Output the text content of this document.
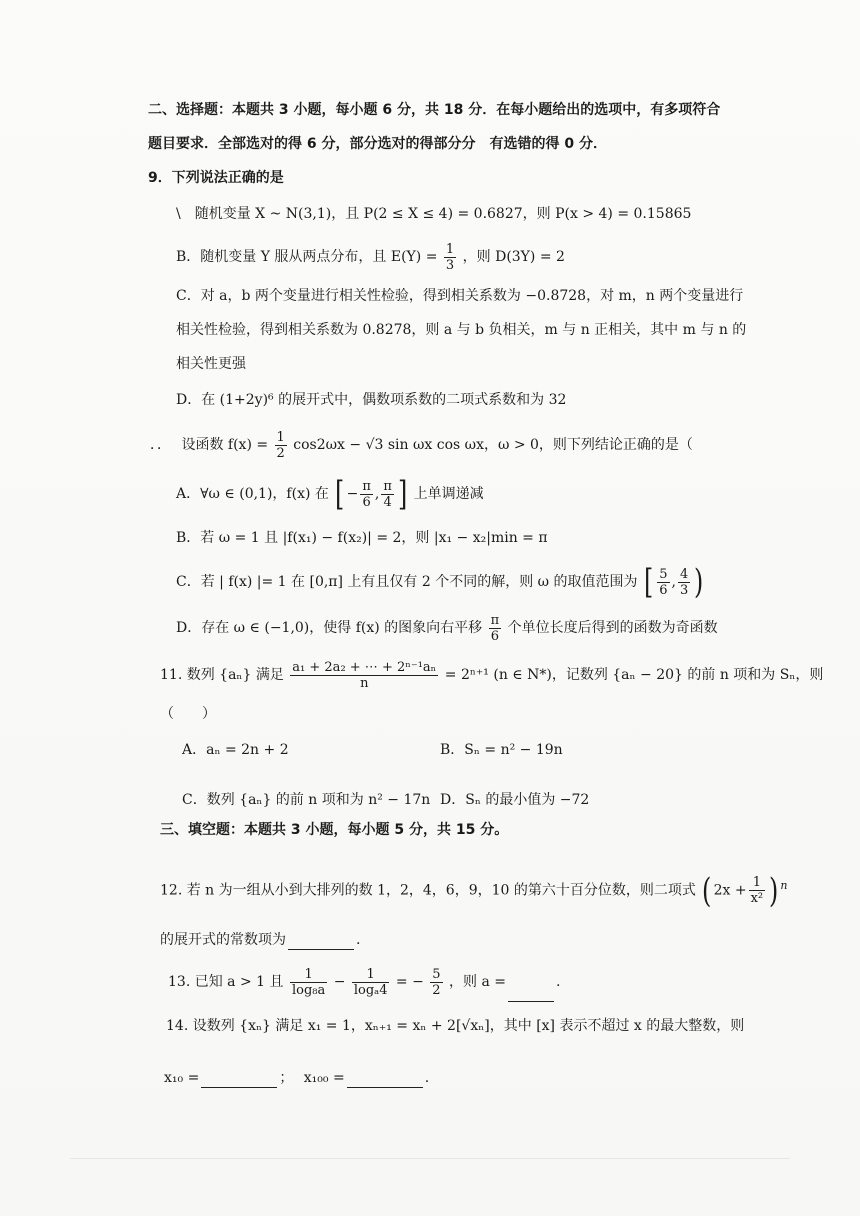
二、选择题：本题共 3 小题，每小题 6 分，共 18 分．在每小题给出的选项中，有多项符合
题目要求．全部选对的得 6 分，部分选对的得部分分　有选错的得 0 分．
9．下列说法正确的是
\ 随机变量 X ~ N(3,1)，且 P(2 ≤ X ≤ 4) = 0.6827，则 P(x > 4) = 0.15865
B．随机变量 Y 服从两点分布，且 $E(Y) = \frac{1}{3}$ ，则 D(3Y) = 2
C．对 a，b 两个变量进行相关性检验，得到相关系数为 −0.8728，对 m，n 两个变量进行
相关性检验，得到相关系数为 0.8278，则 a 与 b 负相关，m 与 n 正相关，其中 m 与 n 的
相关性更强
D．在 (1+2y)⁶ 的展开式中，偶数项系数的二项式系数和为 32
．． 设函数 $f(x) = \frac{1}{2} \cos 2\omega x - √3$ sin ωx cos ωx，ω > 0，则下列结论正确的是（
A．∀ω ∈ (0,1)，f(x) 在 [ − $\frac{\pi}{6}$ , $\frac{\pi}{4}$ ] 上单调递减
B．若 ω = 1 且 |f(x₁) − f(x₂)| = 2，则 |x₁ − x₂|min = π
C．若 | f(x) |= 1 在 [0,π] 上有且仅有 2 个不同的解，则 ω 的取值范围为 [ $\frac{5}{6}$ , $\frac{4}{3}$ )
D．存在 ω ∈ (−1,0)，使得 f(x) 的图象向右平移 $\frac{\pi}{6}$ 个单位长度后得到的函数为奇函数
11. 数列 {aₙ} 满足 $\frac{\text{a₁ + 2a₂ + ⋯ + 2ⁿ⁻¹aₙ}}{n} = 2^{n+1}$ (n ∈ N*)，记数列 {aₙ − 20} 的前 n 项和为 Sₙ，则
（　　）
A．aₙ = 2n + 2	B．Sₙ = n² − 19n
C．数列 {aₙ} 的前 n 项和为 n² − 17n D．Sₙ 的最小值为 −72
三、填空题：本题共 3 小题，每小题 5 分，共 15 分。
12. 若 n 为一组从小到大排列的数 1，2，4，6，9，10 的第六十百分位数，则二项式 ( $2x + \frac{1}{\text{x²}}$ ) $^n$
的展开式的常数项为	.
13. 已知 a > 1 且 $\frac{1}{\text{log₈a}} - \frac{1}{\text{logₐ4}}$ = − $\frac{5}{2}$ ，则 a =	.
14. 设数列 {xₙ} 满足 x₁ = 1，xₙ₊₁ = xₙ + 2[√xₙ]，其中 [x] 表示不超过 x 的最大整数，则
x₁₀ =	； x₁₀₀ =	.
